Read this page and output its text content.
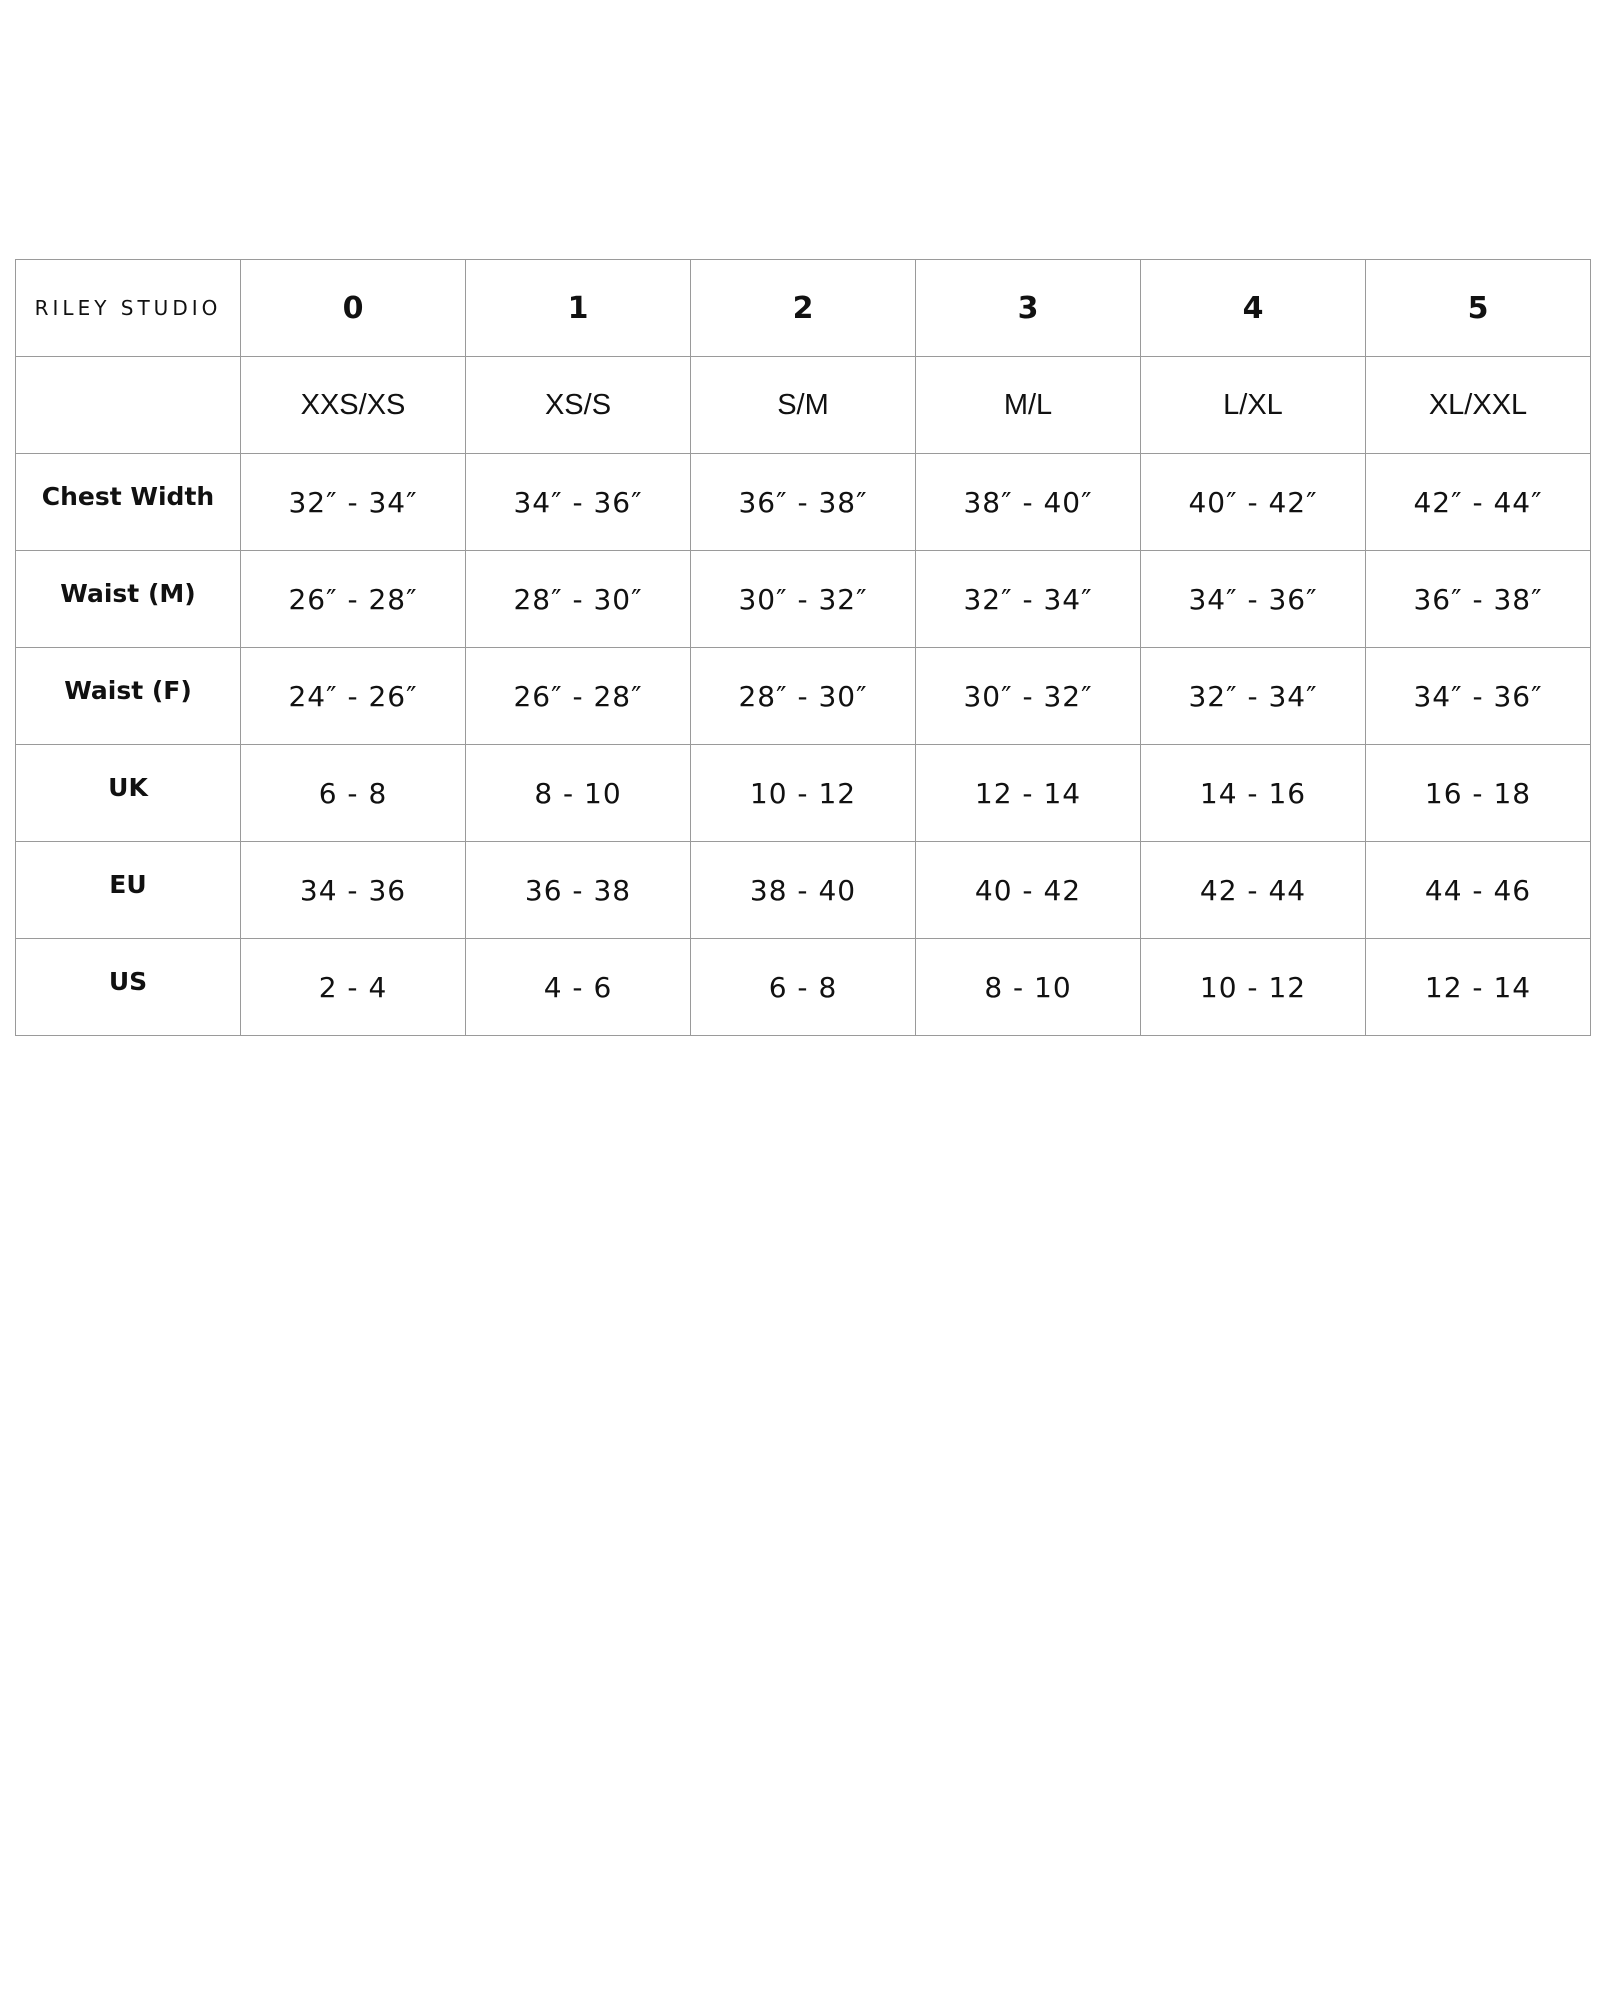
RILEY STUDIO	0	1	2	3	4	5
	XXS/XS	XS/S	S/M	M/L	L/XL	XL/XXL
Chest Width	32″ - 34″	34″ - 36″	36″ - 38″	38″ - 40″	40″ - 42″	42″ - 44″
Waist (M)	26″ - 28″	28″ - 30″	30″ - 32″	32″ - 34″	34″ - 36″	36″ - 38″
Waist (F)	24″ - 26″	26″ - 28″	28″ - 30″	30″ - 32″	32″ - 34″	34″ - 36″
UK	6 - 8	8 - 10	10 - 12	12 - 14	14 - 16	16 - 18
EU	34 - 36	36 - 38	38 - 40	40 - 42	42 - 44	44 - 46
US	2 - 4	4 - 6	6 - 8	8 - 10	10 - 12	12 - 14
